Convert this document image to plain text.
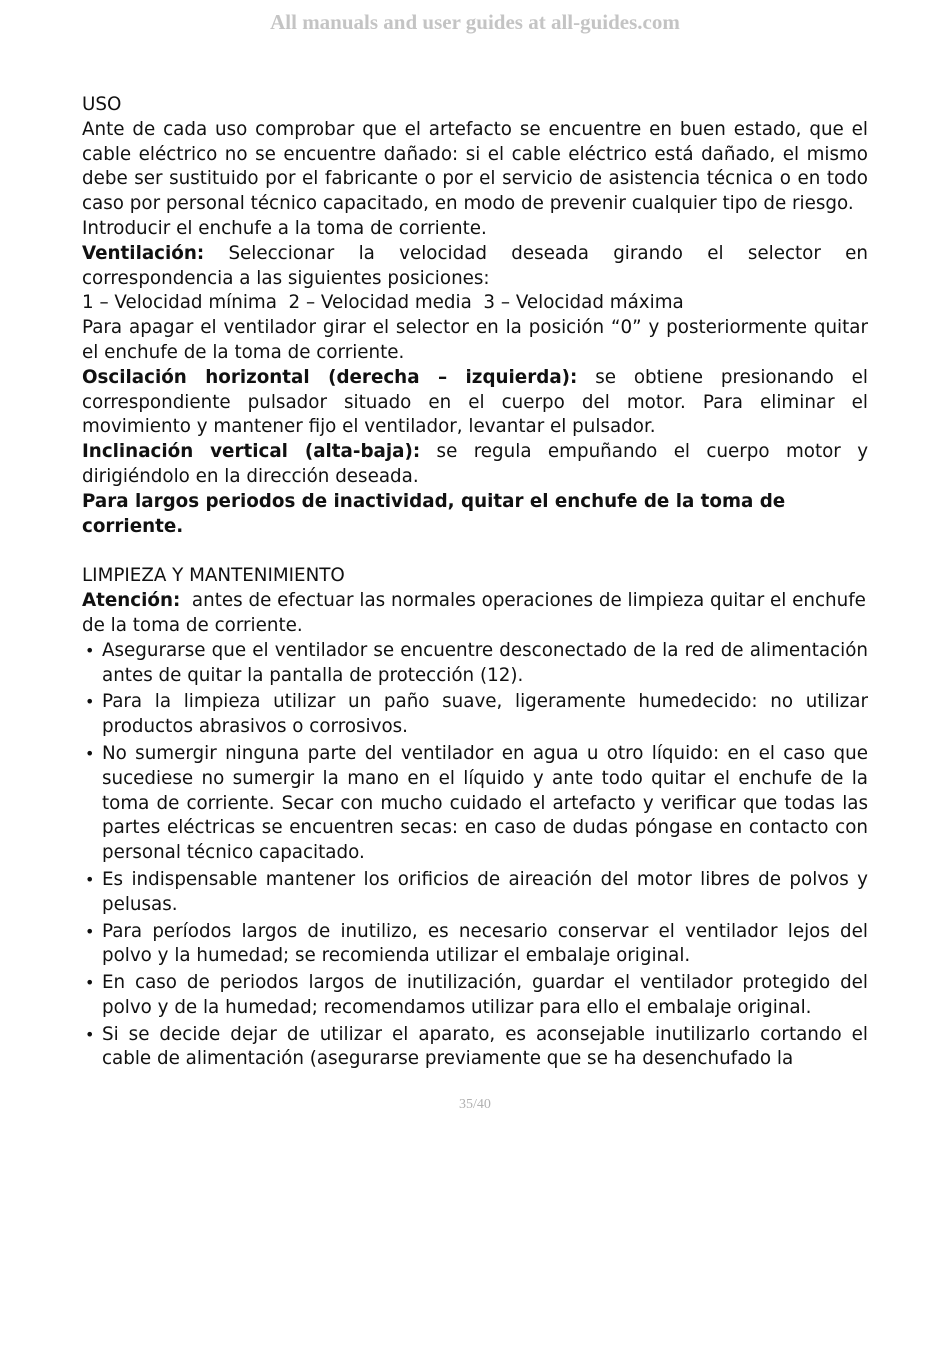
All manuals and user guides at all-guides.com

USO

Ante de cada uso comprobar que el artefacto se encuentre en buen estado, que el cable eléctrico no se encuentre dañado: si el cable eléctrico está dañado, el mismo debe ser sustituido por el fabricante o por el servicio de asistencia técnica o en todo caso por personal técnico capacitado, en modo de prevenir cualquier tipo de riesgo.

Introducir el enchufe a la toma de corriente.

Ventilación: Seleccionar la velocidad deseada girando el selector en correspondencia a las siguientes posiciones:

1 – Velocidad mínima  2 – Velocidad media  3 – Velocidad máxima

Para apagar el ventilador girar el selector en la posición “0” y posteriormente quitar el enchufe de la toma de corriente.

Oscilación horizontal (derecha – izquierda): se obtiene presionando el correspondiente pulsador situado en el cuerpo del motor. Para eliminar el movimiento y mantener fijo el ventilador, levantar el pulsador.

Inclinación vertical (alta-baja): se regula empuñando el cuerpo motor y dirigiéndolo en la dirección deseada.

Para largos periodos de inactividad, quitar el enchufe de la toma de corriente.

LIMPIEZA Y MANTENIMIENTO

Atención:  antes de efectuar las normales operaciones de limpieza quitar el enchufe de la toma de corriente.

• Asegurarse que el ventilador se encuentre desconectado de la red de alimentación antes de quitar la pantalla de protección (12).
• Para la limpieza utilizar un paño suave, ligeramente humedecido: no utilizar productos abrasivos o corrosivos.
• No sumergir ninguna parte del ventilador en agua u otro líquido: en el caso que sucediese no sumergir la mano en el líquido y ante todo quitar el enchufe de la toma de corriente. Secar con mucho cuidado el artefacto y verificar que todas las partes eléctricas se encuentren secas: en caso de dudas póngase en contacto con personal técnico capacitado.
• Es indispensable mantener los orificios de aireación del motor libres de polvos y pelusas.
• Para períodos largos de inutilizo, es necesario conservar el ventilador lejos del polvo y la humedad; se recomienda utilizar el embalaje original.
• En caso de periodos largos de inutilización, guardar el ventilador protegido del polvo y de la humedad; recomendamos utilizar para ello el embalaje original.
• Si se decide dejar de utilizar el aparato, es aconsejable inutilizarlo cortando el cable de alimentación (asegurarse previamente que se ha desenchufado la
35/40
